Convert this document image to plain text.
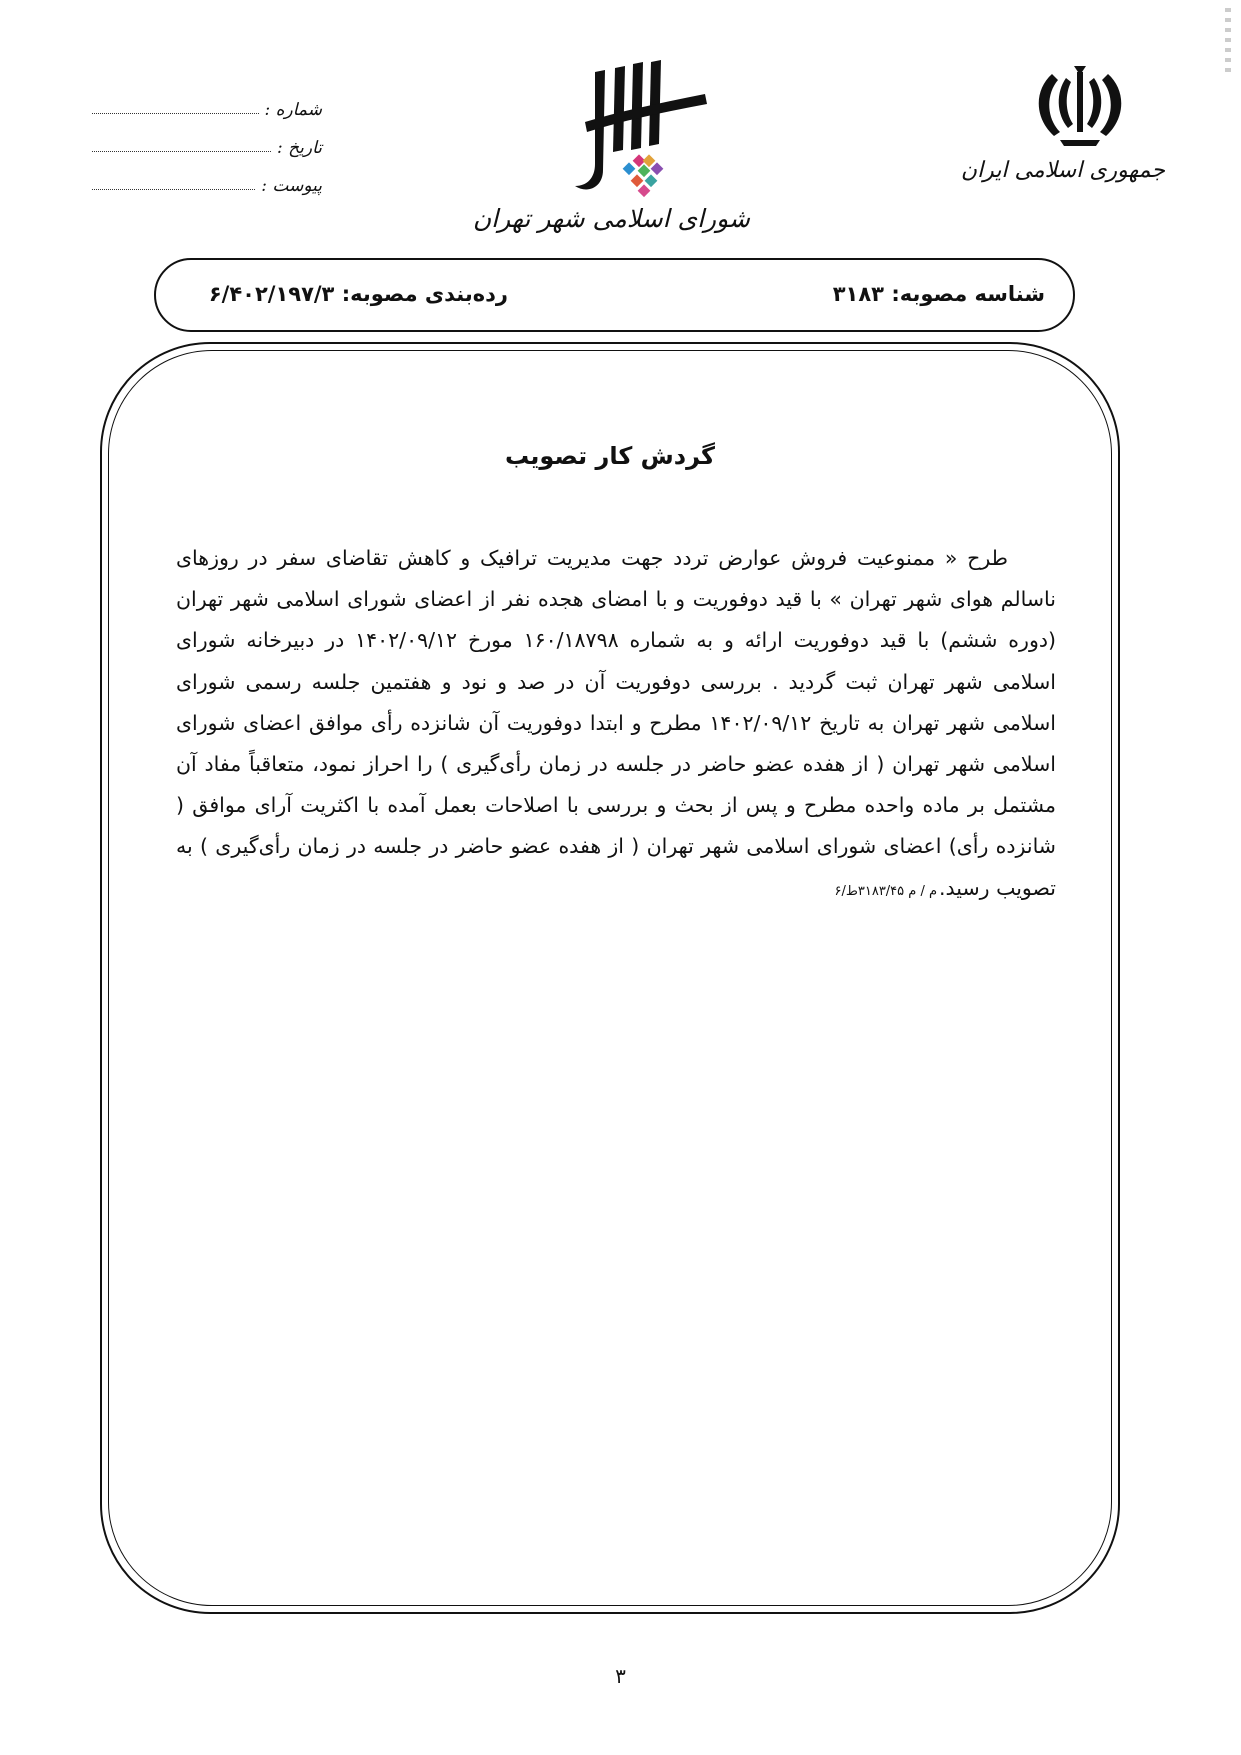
جمهوری اسلامی ایران
شورای اسلامی شهر تهران
شماره :
تاریخ :
پیوست :
شناسه مصوبه: ۳۱۸۳
رده‌بندی مصوبه: ۶/۴۰۲/۱۹۷/۳
گردش کار تصویب
طرح « ممنوعیت فروش عوارض تردد جهت مدیریت ترافیک و کاهش تقاضای سفر در روزهای ناسالم هوای شهر تهران » با قید دوفوریت و با امضای هجده نفر از اعضای شورای اسلامی شهر تهران (دوره ششم) با قید دوفوریت ارائه و به شماره ۱۶۰/۱۸۷۹۸ مورخ ۱۴۰۲/۰۹/۱۲ در دبیرخانه شورای اسلامی شهر تهران ثبت گردید . بررسی دوفوریت آن در صد و نود و هفتمین جلسه رسمی شورای اسلامی شهر تهران به تاریخ ۱۴۰۲/۰۹/۱۲ مطرح و ابتدا دوفوریت آن شانزده رأی موافق اعضای شورای اسلامی شهر تهران ( از هفده عضو حاضر در جلسه در زمان رأی‌گیری ) را احراز نمود، متعاقباً مفاد آن مشتمل بر ماده واحده مطرح و پس از بحث و بررسی با اصلاحات بعمل آمده با اکثریت آرای موافق ( شانزده رأی) اعضای شورای اسلامی شهر تهران ( از هفده عضو حاضر در جلسه در زمان رأی‌گیری ) به تصویب رسید.م / م ۳۱۸۳/۴۵ط/۶
۳
